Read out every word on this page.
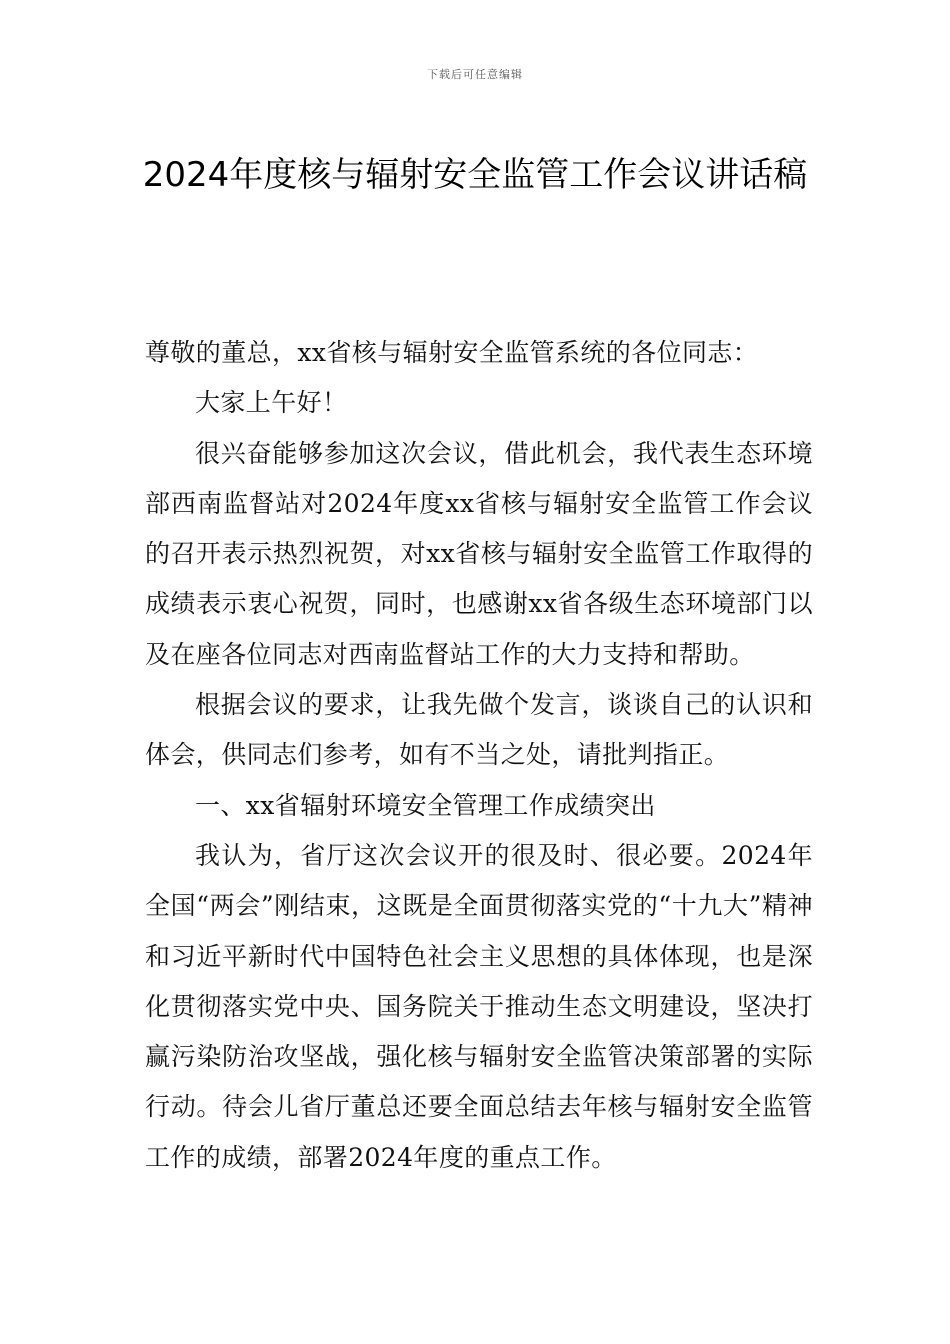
下载后可任意编辑
2024年度核与辐射安全监管工作会议讲话稿

尊敬的董总，xx省核与辐射安全监管系统的各位同志：

大家上午好！

很兴奋能够参加这次会议，借此机会，我代表生态环境部西南监督站对2024年度xx省核与辐射安全监管工作会议的召开表示热烈祝贺，对xx省核与辐射安全监管工作取得的成绩表示衷心祝贺，同时，也感谢xx省各级生态环境部门以及在座各位同志对西南监督站工作的大力支持和帮助。

根据会议的要求，让我先做个发言，谈谈自己的认识和体会，供同志们参考，如有不当之处，请批判指正。

一、xx省辐射环境安全管理工作成绩突出

我认为，省厅这次会议开的很及时、很必要。2024年全国“两会”刚结束，这既是全面贯彻落实党的“十九大”精神和习近平新时代中国特色社会主义思想的具体体现，也是深化贯彻落实党中央、国务院关于推动生态文明建设，坚决打赢污染防治攻坚战，强化核与辐射安全监管决策部署的实际行动。待会儿省厅董总还要全面总结去年核与辐射安全监管工作的成绩，部署2024年度的重点工作。
